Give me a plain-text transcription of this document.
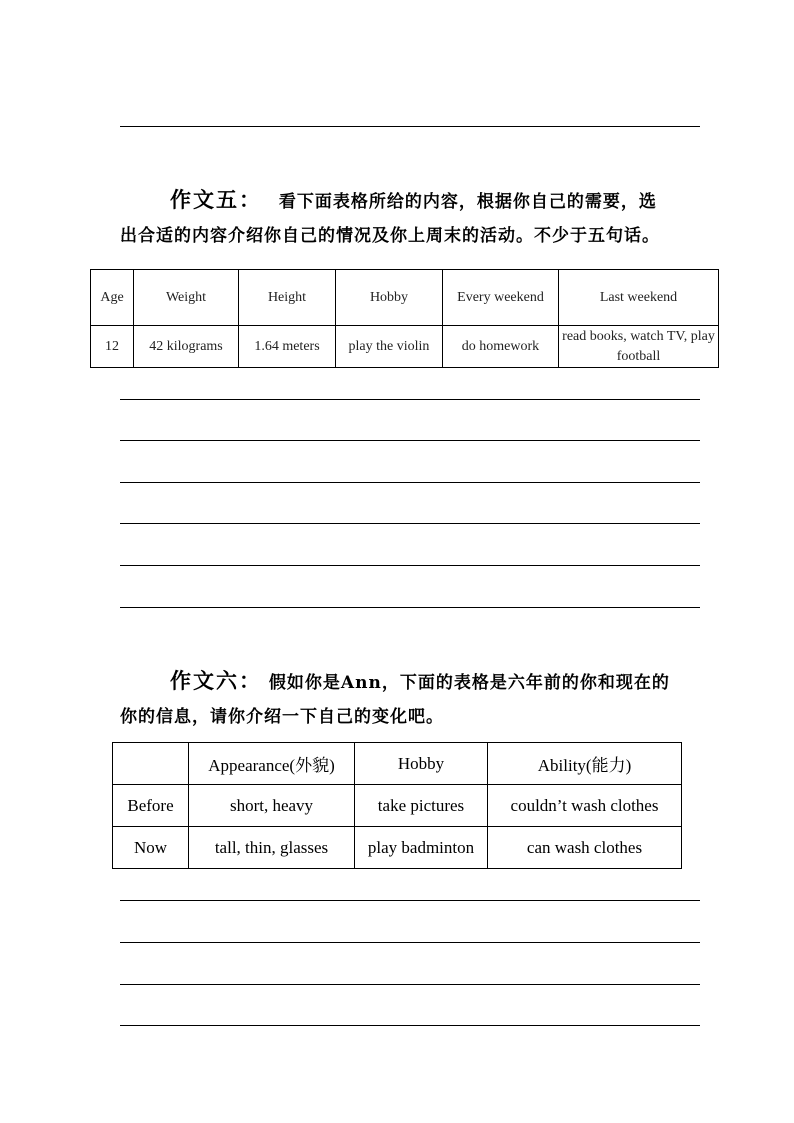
作文五： 看下面表格所给的内容，根据你自己的需要，选
出合适的内容介绍你自己的情况及你上周末的活动。不少于五句话。
Age	Weight	Height	Hobby	Every weekend	Last weekend
12	42 kilograms	1.64 meters	play the violin	do homework	read books, watch TV, play football
作文六： 假如你是Ann，下面的表格是六年前的你和现在的
你的信息，请你介绍一下自己的变化吧。
	Appearance(外貌)	Hobby	Ability(能力)
Before	short, heavy	take pictures	couldn’t wash clothes
Now	tall, thin, glasses	play badminton	can wash clothes
